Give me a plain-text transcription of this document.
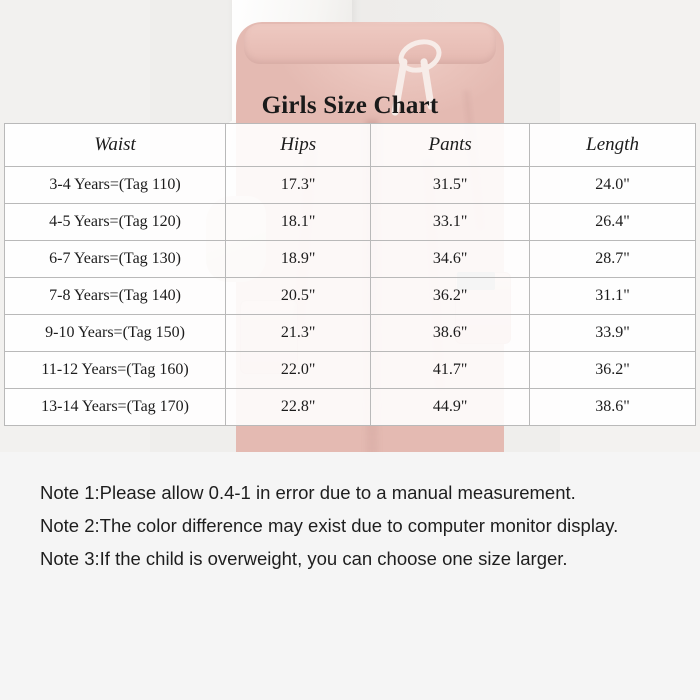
Girls Size Chart
Waist	Hips	Pants	Length
3-4 Years=(Tag 110)	17.3"	31.5"	24.0"
4-5 Years=(Tag 120)	18.1"	33.1"	26.4"
6-7 Years=(Tag 130)	18.9"	34.6"	28.7"
7-8 Years=(Tag 140)	20.5"	36.2"	31.1"
9-10 Years=(Tag 150)	21.3"	38.6"	33.9"
11-12 Years=(Tag 160)	22.0"	41.7"	36.2"
13-14 Years=(Tag 170)	22.8"	44.9"	38.6"

Note 1:Please allow 0.4-1 in error due to a manual measurement.

Note 2:The color difference may exist due to computer monitor display.

Note 3:If the child is overweight, you can choose one size larger.
